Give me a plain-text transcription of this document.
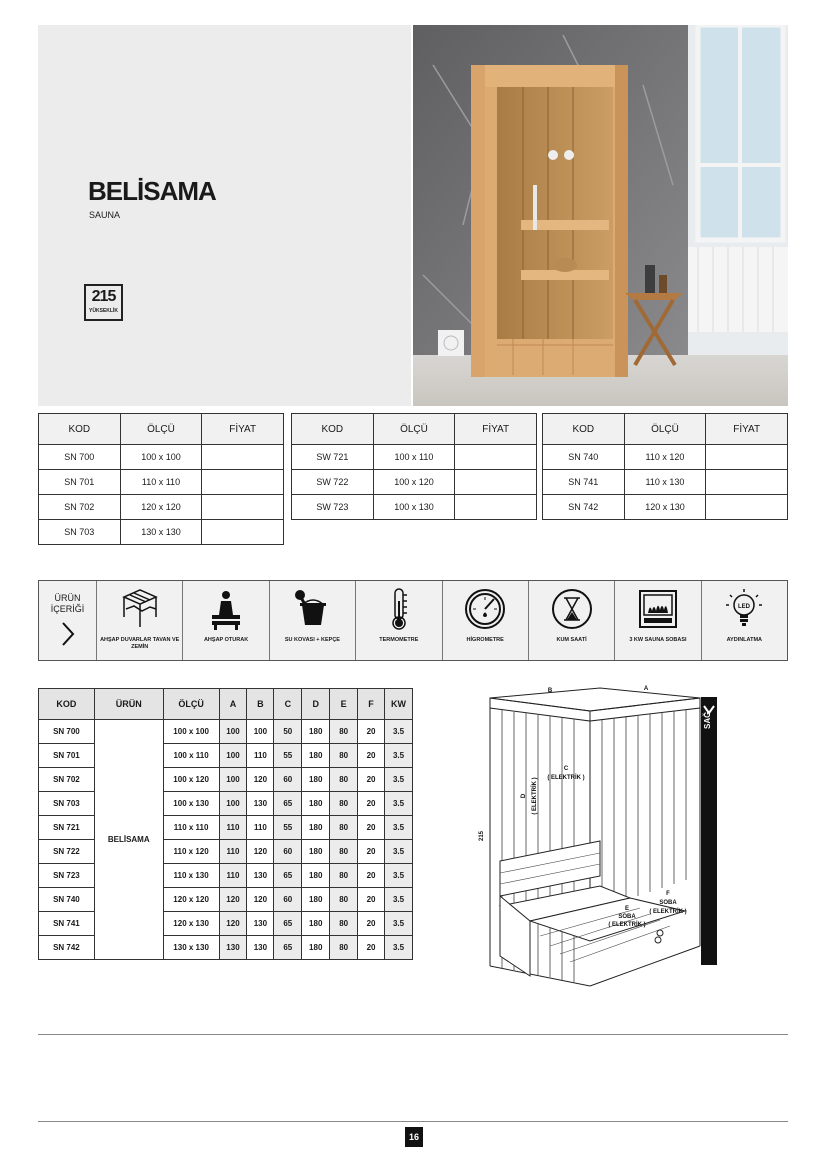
BELİSAMA
SAUNA
215
YÜKSEKLİK
KOD	ÖLÇÜ	FİYAT
SN 700	100 x 100	
SN 701	110 x 110	
SN 702	120 x 120	
SN 703	130 x 130	
KOD	ÖLÇÜ	FİYAT
SW 721	100 x 110	
SW 722	100 x 120	
SW 723	100 x 130	
KOD	ÖLÇÜ	FİYAT
SN 740	110 x 120	
SN 741	110 x 130	
SN 742	120 x 130	
ÜRÜN
İÇERİĞİ
AHŞAP DUVARLAR TAVAN VE ZEMİN
AHŞAP OTURAK	SU KOVASI + KEPÇE	TERMOMETRE	HİGROMETRE	KUM SAATİ	3 KW SAUNA SOBASI
LED
AYDINLATMA
KOD	ÜRÜN	ÖLÇÜ	A	B	C	D	E	F	KW
SN 700	BELİSAMA	100 x 100	100	100	50	180	80	20	3.5
SN 701		100 x 110	100	110	55	180	80	20	3.5
SN 702		100 x 120	100	120	60	180	80	20	3.5
SN 703		100 x 130	100	130	65	180	80	20	3.5
SN 721		110 x 110	110	110	55	180	80	20	3.5
SN 722		110 x 120	110	120	60	180	80	20	3.5
SN 723		110 x 130	110	130	65	180	80	20	3.5
SN 740		120 x 120	120	120	60	180	80	20	3.5
SN 741		120 x 130	120	130	65	180	80	20	3.5
SN 742		130 x 130	130	130	65	180	80	20	3.5
B	A
C
( ELEKTRİK )
D ( ELEKTRİK )
215
E
SOBA
( ELEKTRİK )
F
SOBA
( ELEKTRİK )
SAĞ
16
